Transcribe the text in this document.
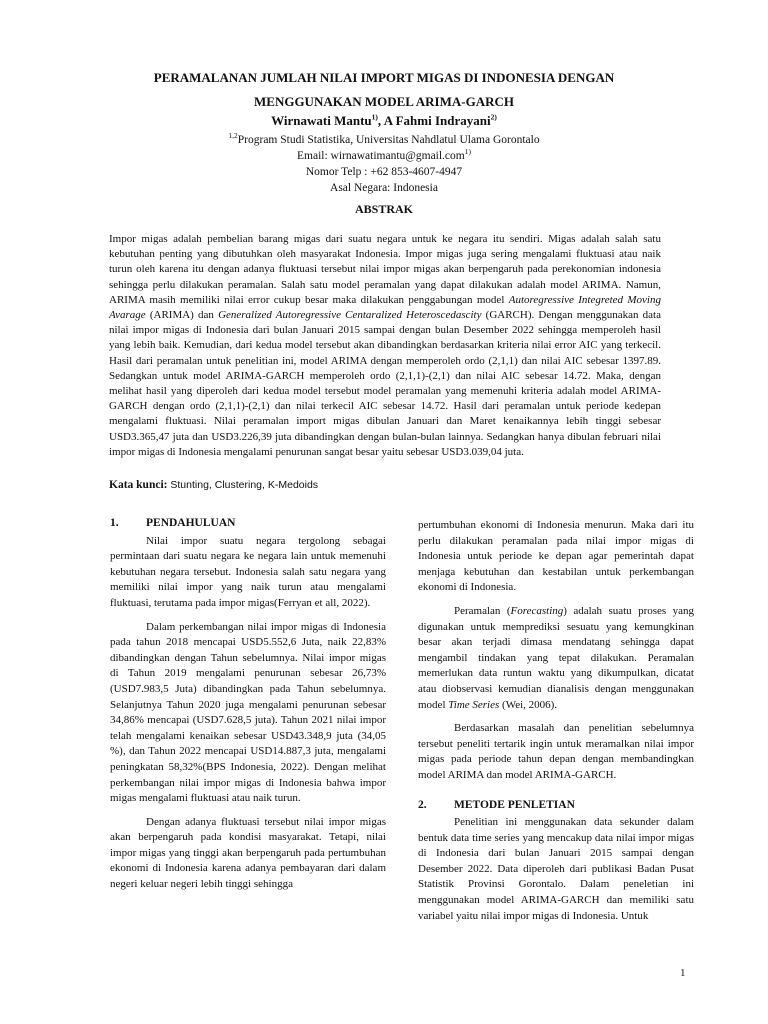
PERAMALANAN JUMLAH NILAI IMPORT MIGAS DI INDONESIA DENGAN
MENGGUNAKAN MODEL ARIMA-GARCH
Wirnawati Mantu$^{1)}$, A Fahmi Indrayani$^{2)}$
$^{1,2}$Program Studi Statistika, Universitas Nahdlatul Ulama Gorontalo
Email: wirnawatimantu@gmail.com$^{1)}$
Nomor Telp : +62 853-4607-4947
Asal Negara: Indonesia
ABSTRAK
Impor migas adalah pembelian barang migas dari suatu negara untuk ke negara itu sendiri. Migas adalah salah satu kebutuhan penting yang dibutuhkan oleh masyarakat Indonesia. Impor migas juga sering mengalami fluktuasi atau naik turun oleh karena itu dengan adanya fluktuasi tersebut nilai impor migas akan berpengaruh pada perekonomian indonesia sehingga perlu dilakukan peramalan. Salah satu model peramalan yang dapat dilakukan adalah model ARIMA. Namun, ARIMA masih memiliki nilai error cukup besar maka dilakukan penggabungan model Autoregressive Integreted Moving Avarage (ARIMA) dan Generalized Autoregressive Centaralized Heteroscedascity (GARCH). Dengan menggunakan data nilai impor migas di Indonesia dari bulan Januari 2015 sampai dengan bulan Desember 2022 sehingga memperoleh hasil yang lebih baik. Kemudian, dari kedua model tersebut akan dibandingkan berdasarkan kriteria nilai error AIC yang terkecil. Hasil dari peramalan untuk penelitian ini, model ARIMA dengan memperoleh ordo (2,1,1) dan nilai AIC sebesar 1397.89. Sedangkan untuk model ARIMA-GARCH memperoleh ordo (2,1,1)-(2,1) dan nilai AIC sebesar 14.72. Maka, dengan melihat hasil yang diperoleh dari kedua model tersebut model peramalan yang memenuhi kriteria adalah model ARIMA-GARCH dengan ordo (2,1,1)-(2,1) dan nilai terkecil AIC sebesar 14.72. Hasil dari peramalan untuk periode kedepan mengalami fluktuasi. Nilai peramalan import migas dibulan Januari dan Maret kenaikannya lebih tinggi sebesar USD3.365,47 juta dan USD3.226,39 juta dibandingkan dengan bulan-bulan lainnya. Sedangkan hanya dibulan februari nilai impor migas di Indonesia mengalami penurunan sangat besar yaitu sebesar USD3.039,04 juta.
Kata kunci: Stunting, Clustering, K-Medoids
1. PENDAHULUAN

Nilai impor suatu negara tergolong sebagai permintaan dari suatu negara ke negara lain untuk memenuhi kebutuhan negara tersebut. Indonesia salah satu negara yang memiliki nilai impor yang naik turun atau mengalami fluktuasi, terutama pada impor migas(Ferryan et all, 2022).

Dalam perkembangan nilai impor migas di Indonesia pada tahun 2018 mencapai USD5.552,6 Juta, naik 22,83% dibandingkan dengan Tahun sebelumnya. Nilai impor migas di Tahun 2019 mengalami penurunan sebesar 26,73% (USD7.983,5 Juta) dibandingkan pada Tahun sebelumnya. Selanjutnya Tahun 2020 juga mengalami penurunan sebesar 34,86% mencapai (USD7.628,5 juta). Tahun 2021 nilai impor telah mengalami kenaikan sebesar USD43.348,9 juta (34,05 %), dan Tahun 2022 mencapai USD14.887,3 juta, mengalami peningkatan 58,32%(BPS Indonesia, 2022). Dengan melihat perkembangan nilai impor migas di Indonesia bahwa impor migas mengalami fluktuasi atau naik turun.

Dengan adanya fluktuasi tersebut nilai impor migas akan berpengaruh pada kondisi masyarakat. Tetapi, nilai impor migas yang tinggi akan berpengaruh pada pertumbuhan ekonomi di Indonesia karena adanya pembayaran dari dalam negeri keluar negeri lebih tinggi sehingga

pertumbuhan ekonomi di Indonesia menurun. Maka dari itu perlu dilakukan peramalan pada nilai impor migas di Indonesia untuk periode ke depan agar pemerintah dapat menjaga kebutuhan dan kestabilan untuk perkembangan ekonomi di Indonesia.

Peramalan (Forecasting) adalah suatu proses yang digunakan untuk memprediksi sesuatu yang kemungkinan besar akan terjadi dimasa mendatang sehingga dapat mengambil tindakan yang tepat dilakukan. Peramalan memerlukan data runtun waktu yang dikumpulkan, dicatat atau diobservasi kemudian dianalisis dengan menggunakan model Time Series (Wei, 2006).

Berdasarkan masalah dan penelitian sebelumnya tersebut peneliti tertarik ingin untuk meramalkan nilai impor migas pada periode tahun depan dengan membandingkan model ARIMA dan model ARIMA-GARCH.

2. METODE PENLETIAN

Penelitian ini menggunakan data sekunder dalam bentuk data time series yang mencakup data nilai impor migas di Indonesia dari bulan Januari 2015 sampai dengan Desember 2022. Data diperoleh dari publikasi Badan Pusat Statistik Provinsi Gorontalo. Dalam peneletian ini menggunakan model ARIMA-GARCH dan memiliki satu variabel yaitu nilai impor migas di Indonesia. Untuk

1
